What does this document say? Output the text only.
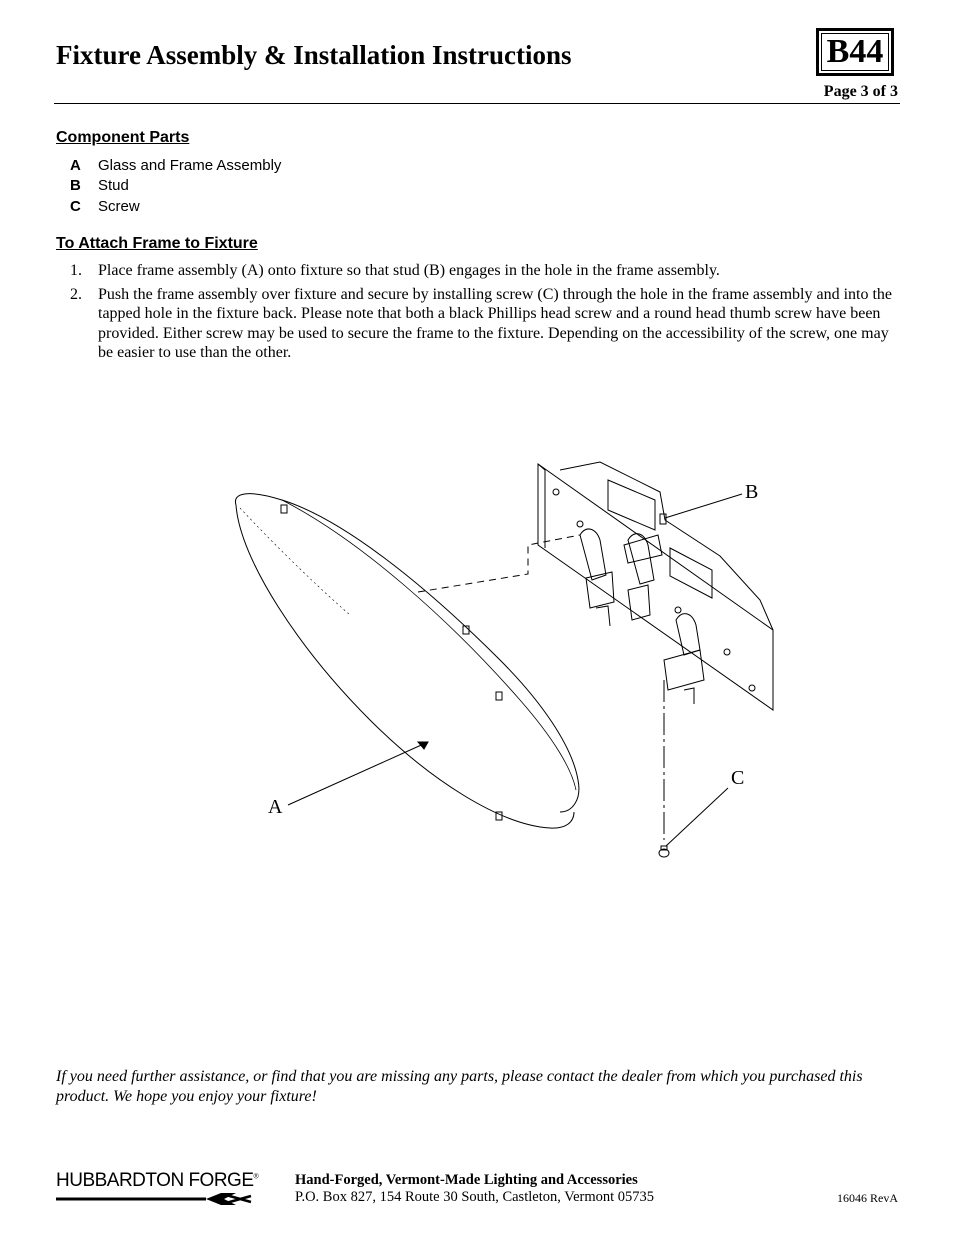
Fixture Assembly & Installation Instructions	B44
Page 3 of 3
Component Parts
A	Glass and Frame Assembly
B	Stud
C	Screw
To Attach Frame to Fixture
1.	Place frame assembly (A) onto fixture so that stud (B) engages in the hole in the frame assembly.
2.	Push the frame assembly over fixture and secure by installing screw (C) through the hole in the frame assembly and into the tapped hole in the fixture back. Please note that both a black Phillips head screw and a round head thumb screw have been provided. Either screw may be used to secure the frame to the fixture. Depending on the accessibility of the screw, one may be easier to use than the other.
A
B
C
If you need further assistance, or find that you are missing any parts, please contact the dealer from which you purchased this product. We hope you enjoy your fixture!
HUBBARDTON FORGE®	Hand-Forged, Vermont-Made Lighting and Accessories
P.O. Box 827, 154 Route 30 South, Castleton, Vermont 05735	16046 RevA
